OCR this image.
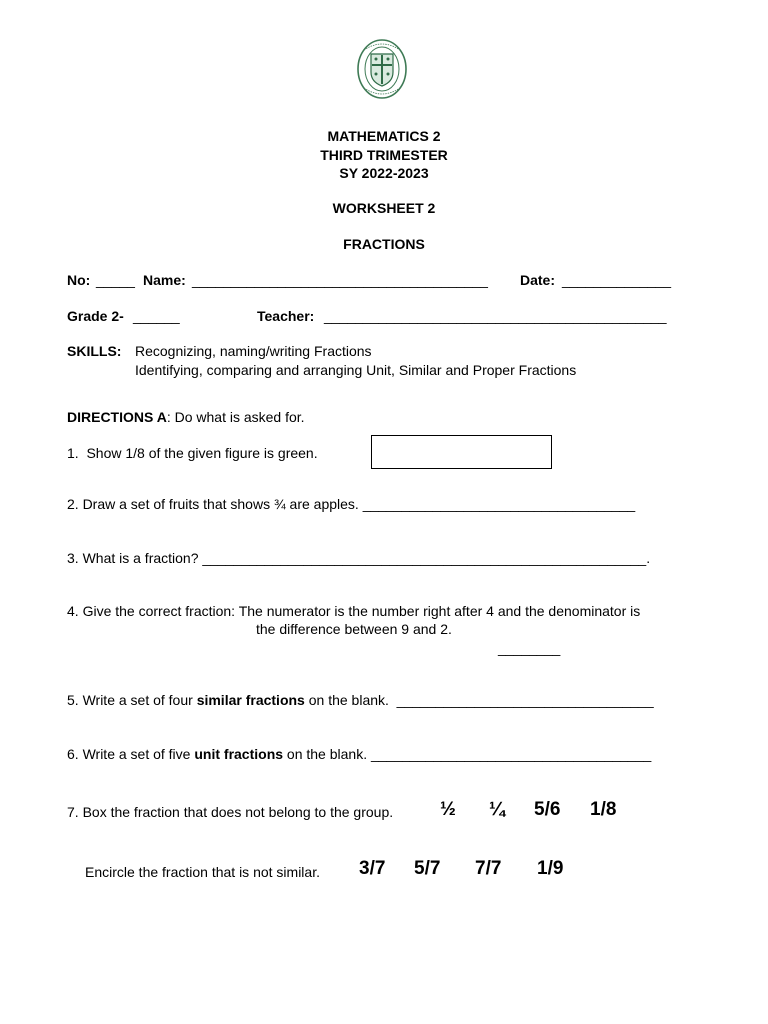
MATHEMATICS 2
THIRD TRIMESTER
SY 2022-2023
WORKSHEET 2
FRACTIONS
No: _____ Name: ______________________________________ Date: ______________
Grade 2- ______	Teacher: ____________________________________________
SKILLS: Recognizing, naming/writing Fractions
Identifying, comparing and arranging Unit, Similar and Proper Fractions
DIRECTIONS A: Do what is asked for.
1.  Show 1/8 of the given figure is green.
2. Draw a set of fruits that shows ¾ are apples. ___________________________________
3. What is a fraction? _________________________________________________________.
4. Give the correct fraction: The numerator is the number right after 4 and the denominator is
the difference between 9 and 2.
________
5. Write a set of four similar fractions on the blank.  _________________________________
6. Write a set of five unit fractions on the blank. ____________________________________
7. Box the fraction that does not belong to the group. ½ ¼ 5/6 1/8
Encircle the fraction that is not similar. 3/7 5/7 7/7 1/9
